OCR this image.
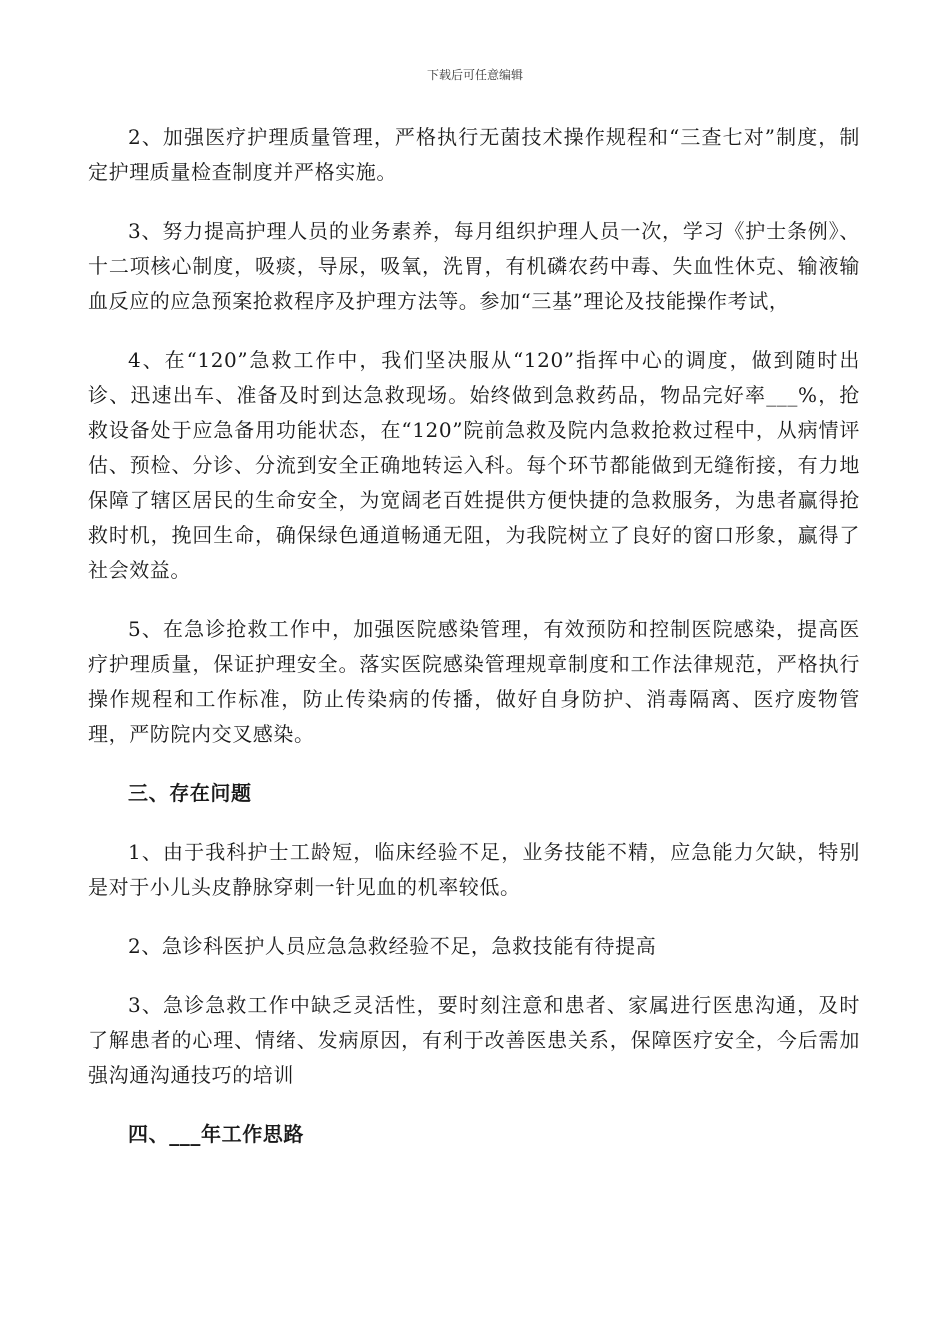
下载后可任意编辑

2、加强医疗护理质量管理，严格执行无菌技术操作规程和“三查七对”制度，制定护理质量检查制度并严格实施。

3、努力提高护理人员的业务素养，每月组织护理人员一次，学习《护士条例》、十二项核心制度，吸痰，导尿，吸氧，洗胃，有机磷农药中毒、失血性休克、输液输血反应的应急预案抢救程序及护理方法等。参加“三基”理论及技能操作考试，

4、在“120”急救工作中，我们坚决服从“120”指挥中心的调度，做到随时出诊、迅速出车、准备及时到达急救现场。始终做到急救药品，物品完好率___%，抢救设备处于应急备用功能状态，在“120”院前急救及院内急救抢救过程中，从病情评估、预检、分诊、分流到安全正确地转运入科。每个环节都能做到无缝衔接，有力地保障了辖区居民的生命安全，为宽阔老百姓提供方便快捷的急救服务，为患者赢得抢救时机，挽回生命，确保绿色通道畅通无阻，为我院树立了良好的窗口形象，赢得了社会效益。

5、在急诊抢救工作中，加强医院感染管理，有效预防和控制医院感染，提高医疗护理质量，保证护理安全。落实医院感染管理规章制度和工作法律规范，严格执行操作规程和工作标准，防止传染病的传播，做好自身防护、消毒隔离、医疗废物管理，严防院内交叉感染。

三、存在问题

1、由于我科护士工龄短，临床经验不足，业务技能不精，应急能力欠缺，特别是对于小儿头皮静脉穿刺一针见血的机率较低。

2、急诊科医护人员应急急救经验不足，急救技能有待提高

3、急诊急救工作中缺乏灵活性，要时刻注意和患者、家属进行医患沟通，及时了解患者的心理、情绪、发病原因，有利于改善医患关系，保障医疗安全，今后需加强沟通沟通技巧的培训

四、___年工作思路
